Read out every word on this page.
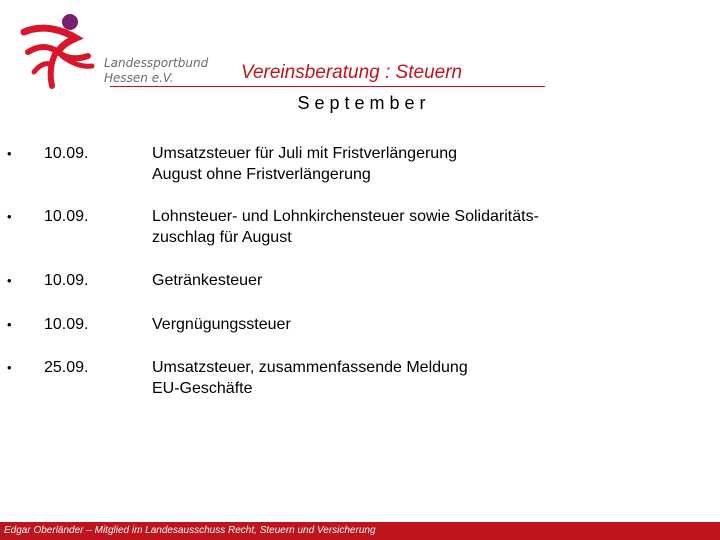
Landessportbund
Hessen e.V.	Vereinsberatung : Steuern
September
• 10.09.	Umsatzsteuer für Juli mit Fristverlängerung
August ohne Fristverlängerung
• 10.09.	Lohnsteuer- und Lohnkirchensteuer sowie Solidaritäts-
zuschlag für August
• 10.09.	Getränkesteuer
• 10.09.	Vergnügungssteuer
• 25.09.	Umsatzsteuer, zusammenfassende Meldung
EU-Geschäfte
Edgar Oberländer – Mitglied im Landesausschuss Recht, Steuern und Versicherung
